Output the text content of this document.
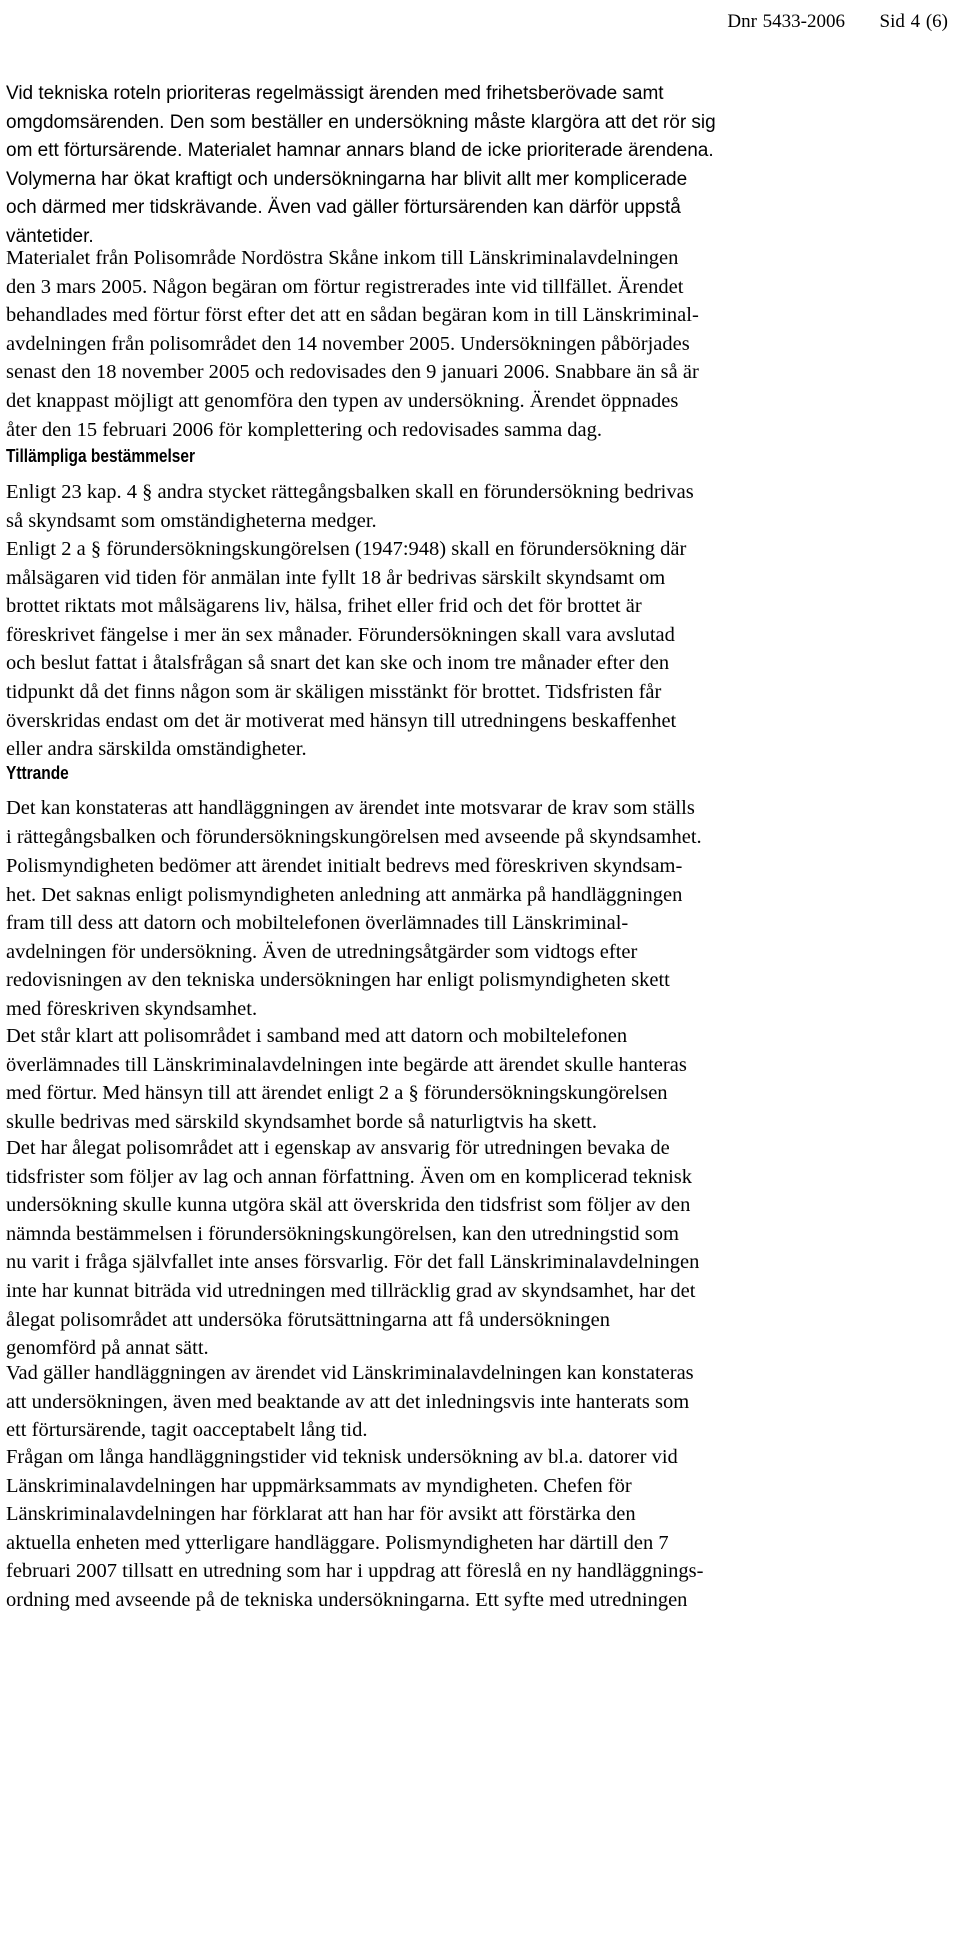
Dnr 5433-2006 Sid 4 (6)
Vid tekniska roteln prioriteras regelmässigt ärenden med frihetsberövade samt
omgdomsärenden. Den som beställer en undersökning måste klargöra att det rör sig
om ett förtursärende. Materialet hamnar annars bland de icke prioriterade ärendena.
Volymerna har ökat kraftigt och undersökningarna har blivit allt mer komplicerade
och därmed mer tidskrävande. Även vad gäller förtursärenden kan därför uppstå
väntetider.
Materialet från Polisområde Nordöstra Skåne inkom till Länskriminalavdelningen
den 3 mars 2005. Någon begäran om förtur registrerades inte vid tillfället. Ärendet
behandlades med förtur först efter det att en sådan begäran kom in till Länskriminal-
avdelningen från polisområdet den 14 november 2005. Undersökningen påbörjades
senast den 18 november 2005 och redovisades den 9 januari 2006. Snabbare än så är
det knappast möjligt att genomföra den typen av undersökning. Ärendet öppnades
åter den 15 februari 2006 för komplettering och redovisades samma dag.
Tillämpliga bestämmelser
Enligt 23 kap. 4 § andra stycket rättegångsbalken skall en förundersökning bedrivas
så skyndsamt som omständigheterna medger.
Enligt 2 a § förundersökningskungörelsen (1947:948) skall en förundersökning där
målsägaren vid tiden för anmälan inte fyllt 18 år bedrivas särskilt skyndsamt om
brottet riktats mot målsägarens liv, hälsa, frihet eller frid och det för brottet är
föreskrivet fängelse i mer än sex månader. Förundersökningen skall vara avslutad
och beslut fattat i åtalsfrågan så snart det kan ske och inom tre månader efter den
tidpunkt då det finns någon som är skäligen misstänkt för brottet. Tidsfristen får
överskridas endast om det är motiverat med hänsyn till utredningens beskaffenhet
eller andra särskilda omständigheter.
Yttrande
Det kan konstateras att handläggningen av ärendet inte motsvarar de krav som ställs
i rättegångsbalken och förundersökningskungörelsen med avseende på skyndsamhet.
Polismyndigheten bedömer att ärendet initialt bedrevs med föreskriven skyndsam-
het. Det saknas enligt polismyndigheten anledning att anmärka på handläggningen
fram till dess att datorn och mobiltelefonen överlämnades till Länskriminal-
avdelningen för undersökning. Även de utredningsåtgärder som vidtogs efter
redovisningen av den tekniska undersökningen har enligt polismyndigheten skett
med föreskriven skyndsamhet.
Det står klart att polisområdet i samband med att datorn och mobiltelefonen
överlämnades till Länskriminalavdelningen inte begärde att ärendet skulle hanteras
med förtur. Med hänsyn till att ärendet enligt 2 a § förundersökningskungörelsen
skulle bedrivas med särskild skyndsamhet borde så naturligtvis ha skett.
Det har ålegat polisområdet att i egenskap av ansvarig för utredningen bevaka de
tidsfrister som följer av lag och annan författning. Även om en komplicerad teknisk
undersökning skulle kunna utgöra skäl att överskrida den tidsfrist som följer av den
nämnda bestämmelsen i förundersökningskungörelsen, kan den utredningstid som
nu varit i fråga självfallet inte anses försvarlig. För det fall Länskriminalavdelningen
inte har kunnat biträda vid utredningen med tillräcklig grad av skyndsamhet, har det
ålegat polisområdet att undersöka förutsättningarna att få undersökningen
genomförd på annat sätt.
Vad gäller handläggningen av ärendet vid Länskriminalavdelningen kan konstateras
att undersökningen, även med beaktande av att det inledningsvis inte hanterats som
ett förtursärende, tagit oacceptabelt lång tid.
Frågan om långa handläggningstider vid teknisk undersökning av bl.a. datorer vid
Länskriminalavdelningen har uppmärksammats av myndigheten. Chefen för
Länskriminalavdelningen har förklarat att han har för avsikt att förstärka den
aktuella enheten med ytterligare handläggare. Polismyndigheten har därtill den 7
februari 2007 tillsatt en utredning som har i uppdrag att föreslå en ny handläggnings-
ordning med avseende på de tekniska undersökningarna. Ett syfte med utredningen
